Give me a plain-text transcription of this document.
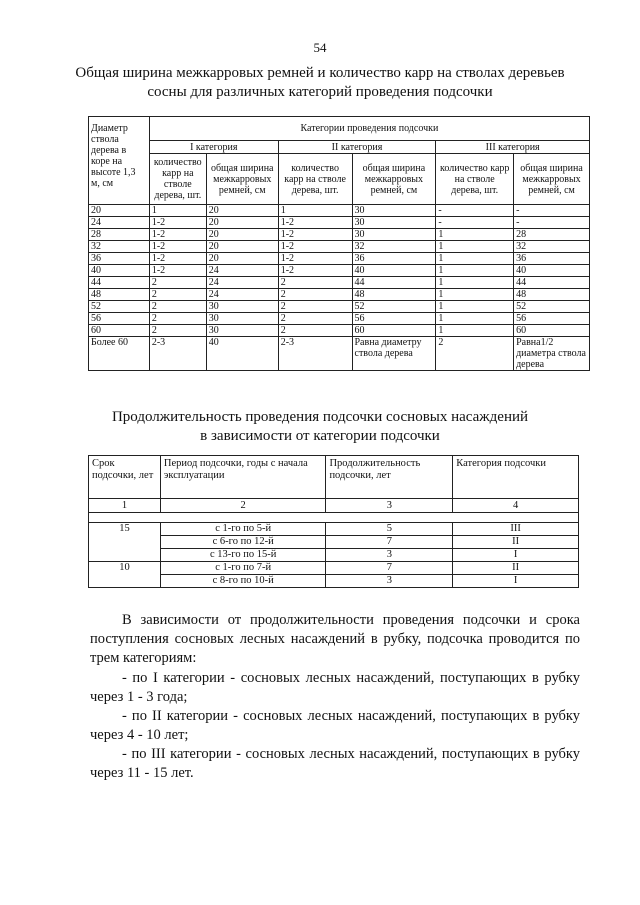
54
Общая ширина межкарровых ремней и количество карр на стволах деревьев
сосны для различных категорий проведения подсочки
Диаметр ствола дерева в коре на высоте 1,3 м, см	Категории проведения подсочки					
	I категория		II категория		III категория	
	количество карр на стволе дерева, шт.	общая ширина межкарровых ремней, см	количество карр на стволе дерева, шт.	общая ширина межкарровых ремней, см	количество карр на стволе дерева, шт.	общая ширина межкарровых ремней, см
20	1	20	1	30	-	-
24	1-2	20	1-2	30	-	-
28	1-2	20	1-2	30	1	28
32	1-2	20	1-2	32	1	32
36	1-2	20	1-2	36	1	36
40	1-2	24	1-2	40	1	40
44	2	24	2	44	1	44
48	2	24	2	48	1	48
52	2	30	2	52	1	52
56	2	30	2	56	1	56
60	2	30	2	60	1	60
Более 60	2-3	40	2-3	Равна диаметру ствола дерева	2	Равна1/2 диаметра ствола дерева
Продолжительность проведения подсочки сосновых насаждений
в зависимости от категории подсочки
Срок подсочки, лет	Период подсочки, годы с начала эксплуатации	Продолжительность подсочки, лет	Категория подсочки
1	2	3	4

15	с 1-го по 5-й	5	III
	с 6-го по 12-й	7	II
	с 13-го по 15-й	3	I
10	с 1-го по 7-й	7	II
	с 8-го по 10-й	3	I
В зависимости от продолжительности проведения подсочки и срока поступления сосновых лесных насаждений в рубку, подсочка проводится по трем категориям:
- по I категории - сосновых лесных насаждений, поступающих в рубку через 1 - 3 года;
- по II категории - сосновых лесных насаждений, поступающих в рубку через 4 - 10 лет;
- по III категории - сосновых лесных насаждений, поступающих в рубку через 11 - 15 лет.
